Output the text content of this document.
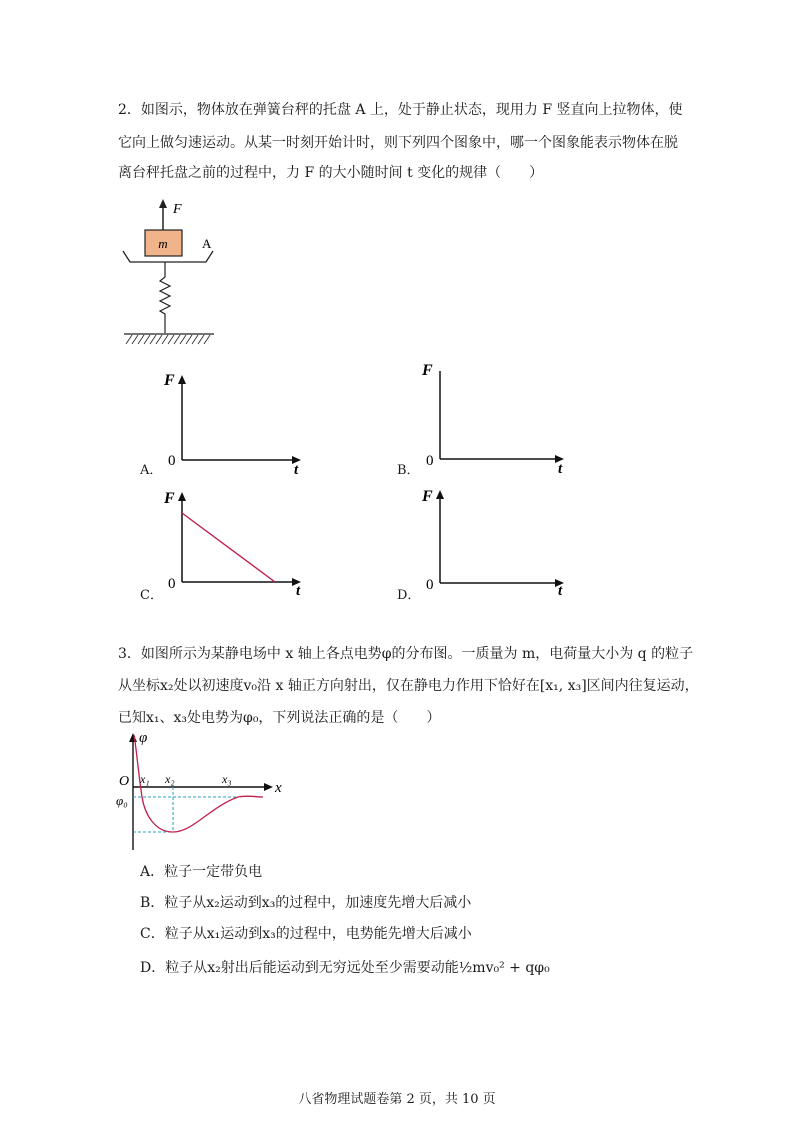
2．如图示，物体放在弹簧台秤的托盘 A 上，处于静止状态，现用力 F 竖直向上拉物体，使
它向上做匀速运动。从某一时刻开始计时，则下列四个图象中，哪一个图象能表示物体在脱
离台秤托盘之前的过程中，力 F 的大小随时间 t 变化的规律（　　）
F
m	A
A．
F
t
0
B．
F
t
0
C．
F
t
0
D．
F
t
0
3．如图所示为某静电场中 x 轴上各点电势φ的分布图。一质量为 m，电荷量大小为 q 的粒子
从坐标x₂处以初速度v₀沿 x 轴正方向射出，仅在静电力作用下恰好在[x₁, x₃]区间内往复运动，
已知x₁、x₃处电势为φ₀，下列说法正确的是（　　）
φ
x
O
φ₀
x₁ x₂	x₃
A．粒子一定带负电
B．粒子从x₂运动到x₃的过程中，加速度先增大后减小
C．粒子从x₁运动到x₃的过程中，电势能先增大后减小
D．粒子从x₂射出后能运动到无穷远处至少需要动能½mv₀² + qφ₀
八省物理试题卷第 2 页，共 10 页
